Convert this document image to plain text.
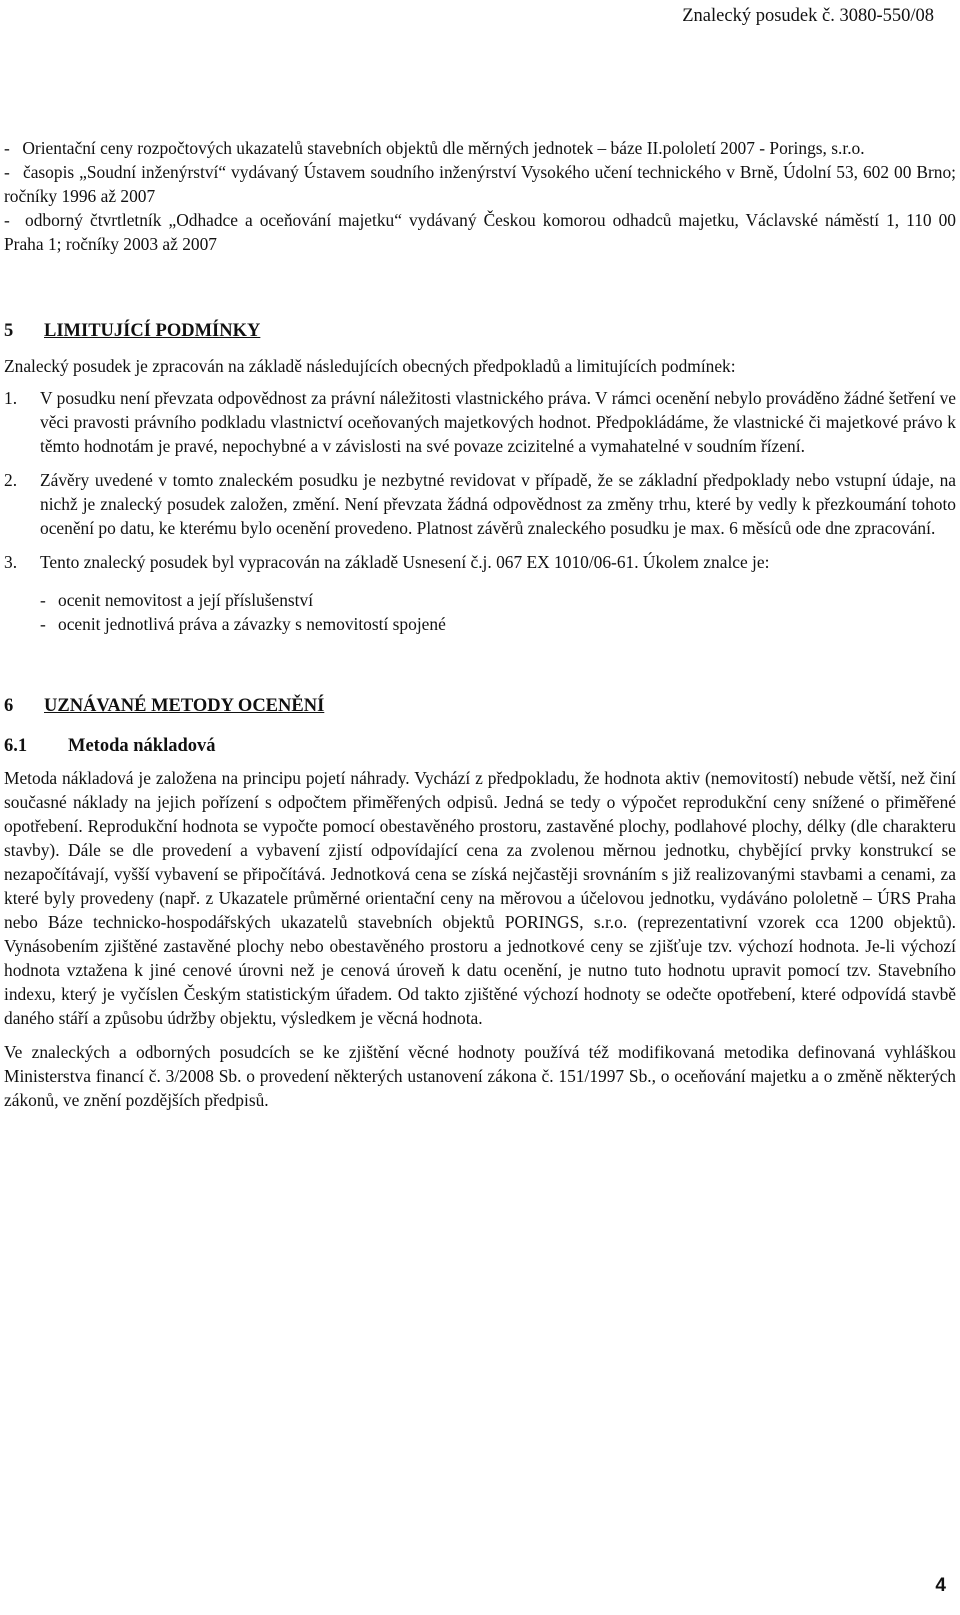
Znalecký posudek č. 3080-550/08
- Orientační ceny rozpočtových ukazatelů stavebních objektů dle měrných jednotek – báze II.pololetí 2007 - Porings, s.r.o.
- časopis „Soudní inženýrství“ vydávaný Ústavem soudního inženýrství Vysokého učení technického v Brně, Údolní 53, 602 00 Brno; ročníky 1996 až 2007
- odborný čtvrtletník „Odhadce a oceňování majetku“ vydávaný Českou komorou odhadců majetku, Václavské náměstí 1, 110 00 Praha 1; ročníky 2003 až 2007
5 LIMITUJÍCÍ PODMÍNKY

Znalecký posudek je zpracován na základě následujících obecných předpokladů a limitujících podmínek:

1. V posudku není převzata odpovědnost za právní náležitosti vlastnického práva. V rámci ocenění nebylo prováděno žádné šetření ve věci pravosti právního podkladu vlastnictví oceňovaných majetkových hodnot. Předpokládáme, že vlastnické či majetkové právo k těmto hodnotám je pravé, nepochybné a v závislosti na své povaze zcizitelné a vymahatelné v soudním řízení.

2. Závěry uvedené v tomto znaleckém posudku je nezbytné revidovat v případě, že se základní předpoklady nebo vstupní údaje, na nichž je znalecký posudek založen, změní. Není převzata žádná odpovědnost za změny trhu, které by vedly k přezkoumání tohoto ocenění po datu, ke kterému bylo ocenění provedeno. Platnost závěrů znaleckého posudku je max. 6 měsíců ode dne zpracování.

3. Tento znalecký posudek byl vypracován na základě Usnesení č.j. 067 EX 1010/06-61. Úkolem znalce je:

- ocenit nemovitost a její příslušenství
- ocenit jednotlivá práva a závazky s nemovitostí spojené
6 UZNÁVANÉ METODY OCENĚNÍ
6.1 Metoda nákladová

Metoda nákladová je založena na principu pojetí náhrady. Vychází z předpokladu, že hodnota aktiv (nemovitostí) nebude větší, než činí současné náklady na jejich pořízení s odpočtem přiměřených odpisů. Jedná se tedy o výpočet reprodukční ceny snížené o přiměřené opotřebení. Reprodukční hodnota se vypočte pomocí obestavěného prostoru, zastavěné plochy, podlahové plochy, délky (dle charakteru stavby). Dále se dle provedení a vybavení zjistí odpovídající cena za zvolenou měrnou jednotku, chybějící prvky konstrukcí se nezapočítávají, vyšší vybavení se připočítává. Jednotková cena se získá nejčastěji srovnáním s již realizovanými stavbami a cenami, za které byly provedeny (např. z Ukazatele průměrné orientační ceny na měrovou a účelovou jednotku, vydáváno pololetně – ÚRS Praha nebo Báze technicko-hospodářských ukazatelů stavebních objektů PORINGS, s.r.o. (reprezentativní vzorek cca 1200 objektů). Vynásobením zjištěné zastavěné plochy nebo obestavěného prostoru a jednotkové ceny se zjišťuje tzv. výchozí hodnota. Je-li výchozí hodnota vztažena k jiné cenové úrovni než je cenová úroveň k datu ocenění, je nutno tuto hodnotu upravit pomocí tzv. Stavebního indexu, který je vyčíslen Českým statistickým úřadem. Od takto zjištěné výchozí hodnoty se odečte opotřebení, které odpovídá stavbě daného stáří a způsobu údržby objektu, výsledkem je věcná hodnota.

Ve znaleckých a odborných posudcích se ke zjištění věcné hodnoty používá též modifikovaná metodika definovaná vyhláškou Ministerstva financí č. 3/2008 Sb. o provedení některých ustanovení zákona č. 151/1997 Sb., o oceňování majetku a o změně některých zákonů, ve znění pozdějších předpisů.

4
